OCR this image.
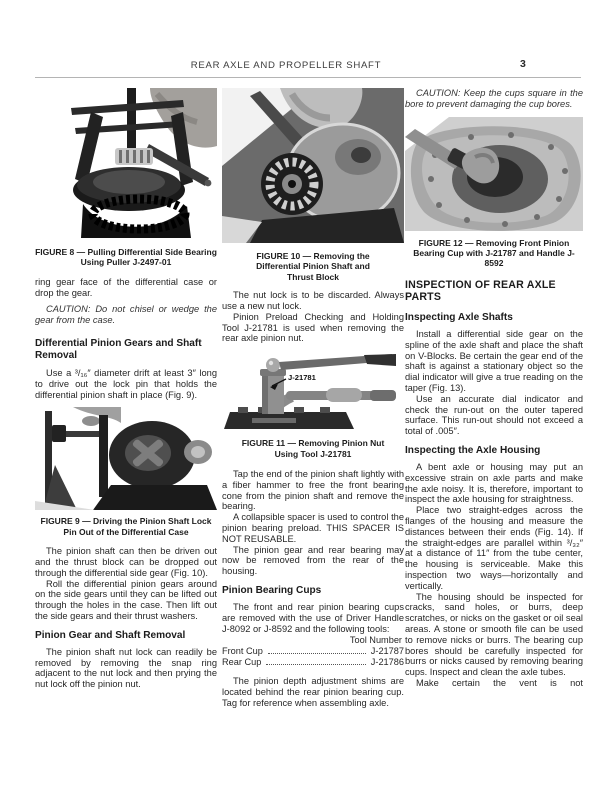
REAR AXLE AND PROPELLER SHAFT	3

FIGURE 8 — Pulling Differential Side Bearing Using Puller J-2497-01

ring gear face of the differential case or drop the gear.

CAUTION: Do not chisel or wedge the gear from the case.

Differential Pinion Gears and Shaft Removal

Use a ³/₁₆″ diameter drift at least 3″ long to drive out the lock pin that holds the differential pinion shaft in place (Fig. 9).

FIGURE 9 — Driving the Pinion Shaft Lock Pin Out of the Differential Case

The pinion shaft can then be driven out and the thrust block can be dropped out through the differential side gear (Fig. 10).

Roll the differential pinion gears around on the side gears until they can be lifted out through the holes in the case. Then lift out the side gears and their thrust washers.

Pinion Gear and Shaft Removal

The pinion shaft nut lock can readily be removed by removing the snap ring adjacent to the nut lock and then prying the nut lock off the pinion nut.

FIGURE 10 — Removing the Differential Pinion Shaft and Thrust Block

The nut lock is to be discarded. Always use a new nut lock.

Pinion Preload Checking and Holding Tool J-21781 is used when removing the rear axle pinion nut.

J-21781

FIGURE 11 — Removing Pinion Nut Using Tool J-21781

Tap the end of the pinion shaft lightly with a fiber hammer to free the front bearing cone from the pinion shaft and remove the bearing.

A collapsible spacer is used to control the pinion bearing preload. THIS SPACER IS NOT REUSABLE.

The pinion gear and rear bearing may now be removed from the rear of the housing.

Pinion Bearing Cups

The front and rear pinion bearing cups are removed with the use of Driver Handle J-8092 or J-8592 and the following tools:

Tool Number
Front Cup	J-21787
Rear Cup	J-21786

The pinion depth adjustment shims are located behind the rear pinion bearing cup. Tag for reference when assembling axle.

CAUTION: Keep the cups square in the bore to prevent damaging the cup bores.

FIGURE 12 — Removing Front Pinion Bearing Cup with J-21787 and Handle J-8592

INSPECTION OF REAR AXLE PARTS

Inspecting Axle Shafts

Install a differential side gear on the spline of the axle shaft and place the shaft on V-Blocks. Be certain the gear end of the shaft is against a stationary object so the dial indicator will give a true reading on the taper (Fig. 13).

Use an accurate dial indicator and check the run-out on the outer tapered surface. This run-out should not exceed a total of .005″.

Inspecting the Axle Housing

A bent axle or housing may put an excessive strain on axle parts and make the axle noisy. It is, therefore, important to inspect the axle housing for straightness.

Place two straight-edges across the flanges of the housing and measure the distances between their ends (Fig. 14). If the straight-edges are parallel within ³/₃₂″ at a distance of 11″ from the tube center, the housing is serviceable. Make this inspection two ways—horizontally and vertically.

The housing should be inspected for cracks, sand holes, or burrs, deep scratches, or nicks on the gasket or oil seal areas. A stone or smooth file can be used to remove nicks or burrs. The bearing cup bores should be carefully inspected for burrs or nicks caused by removing bearing cups. Inspect and clean the axle tubes.

Make certain the vent is not
